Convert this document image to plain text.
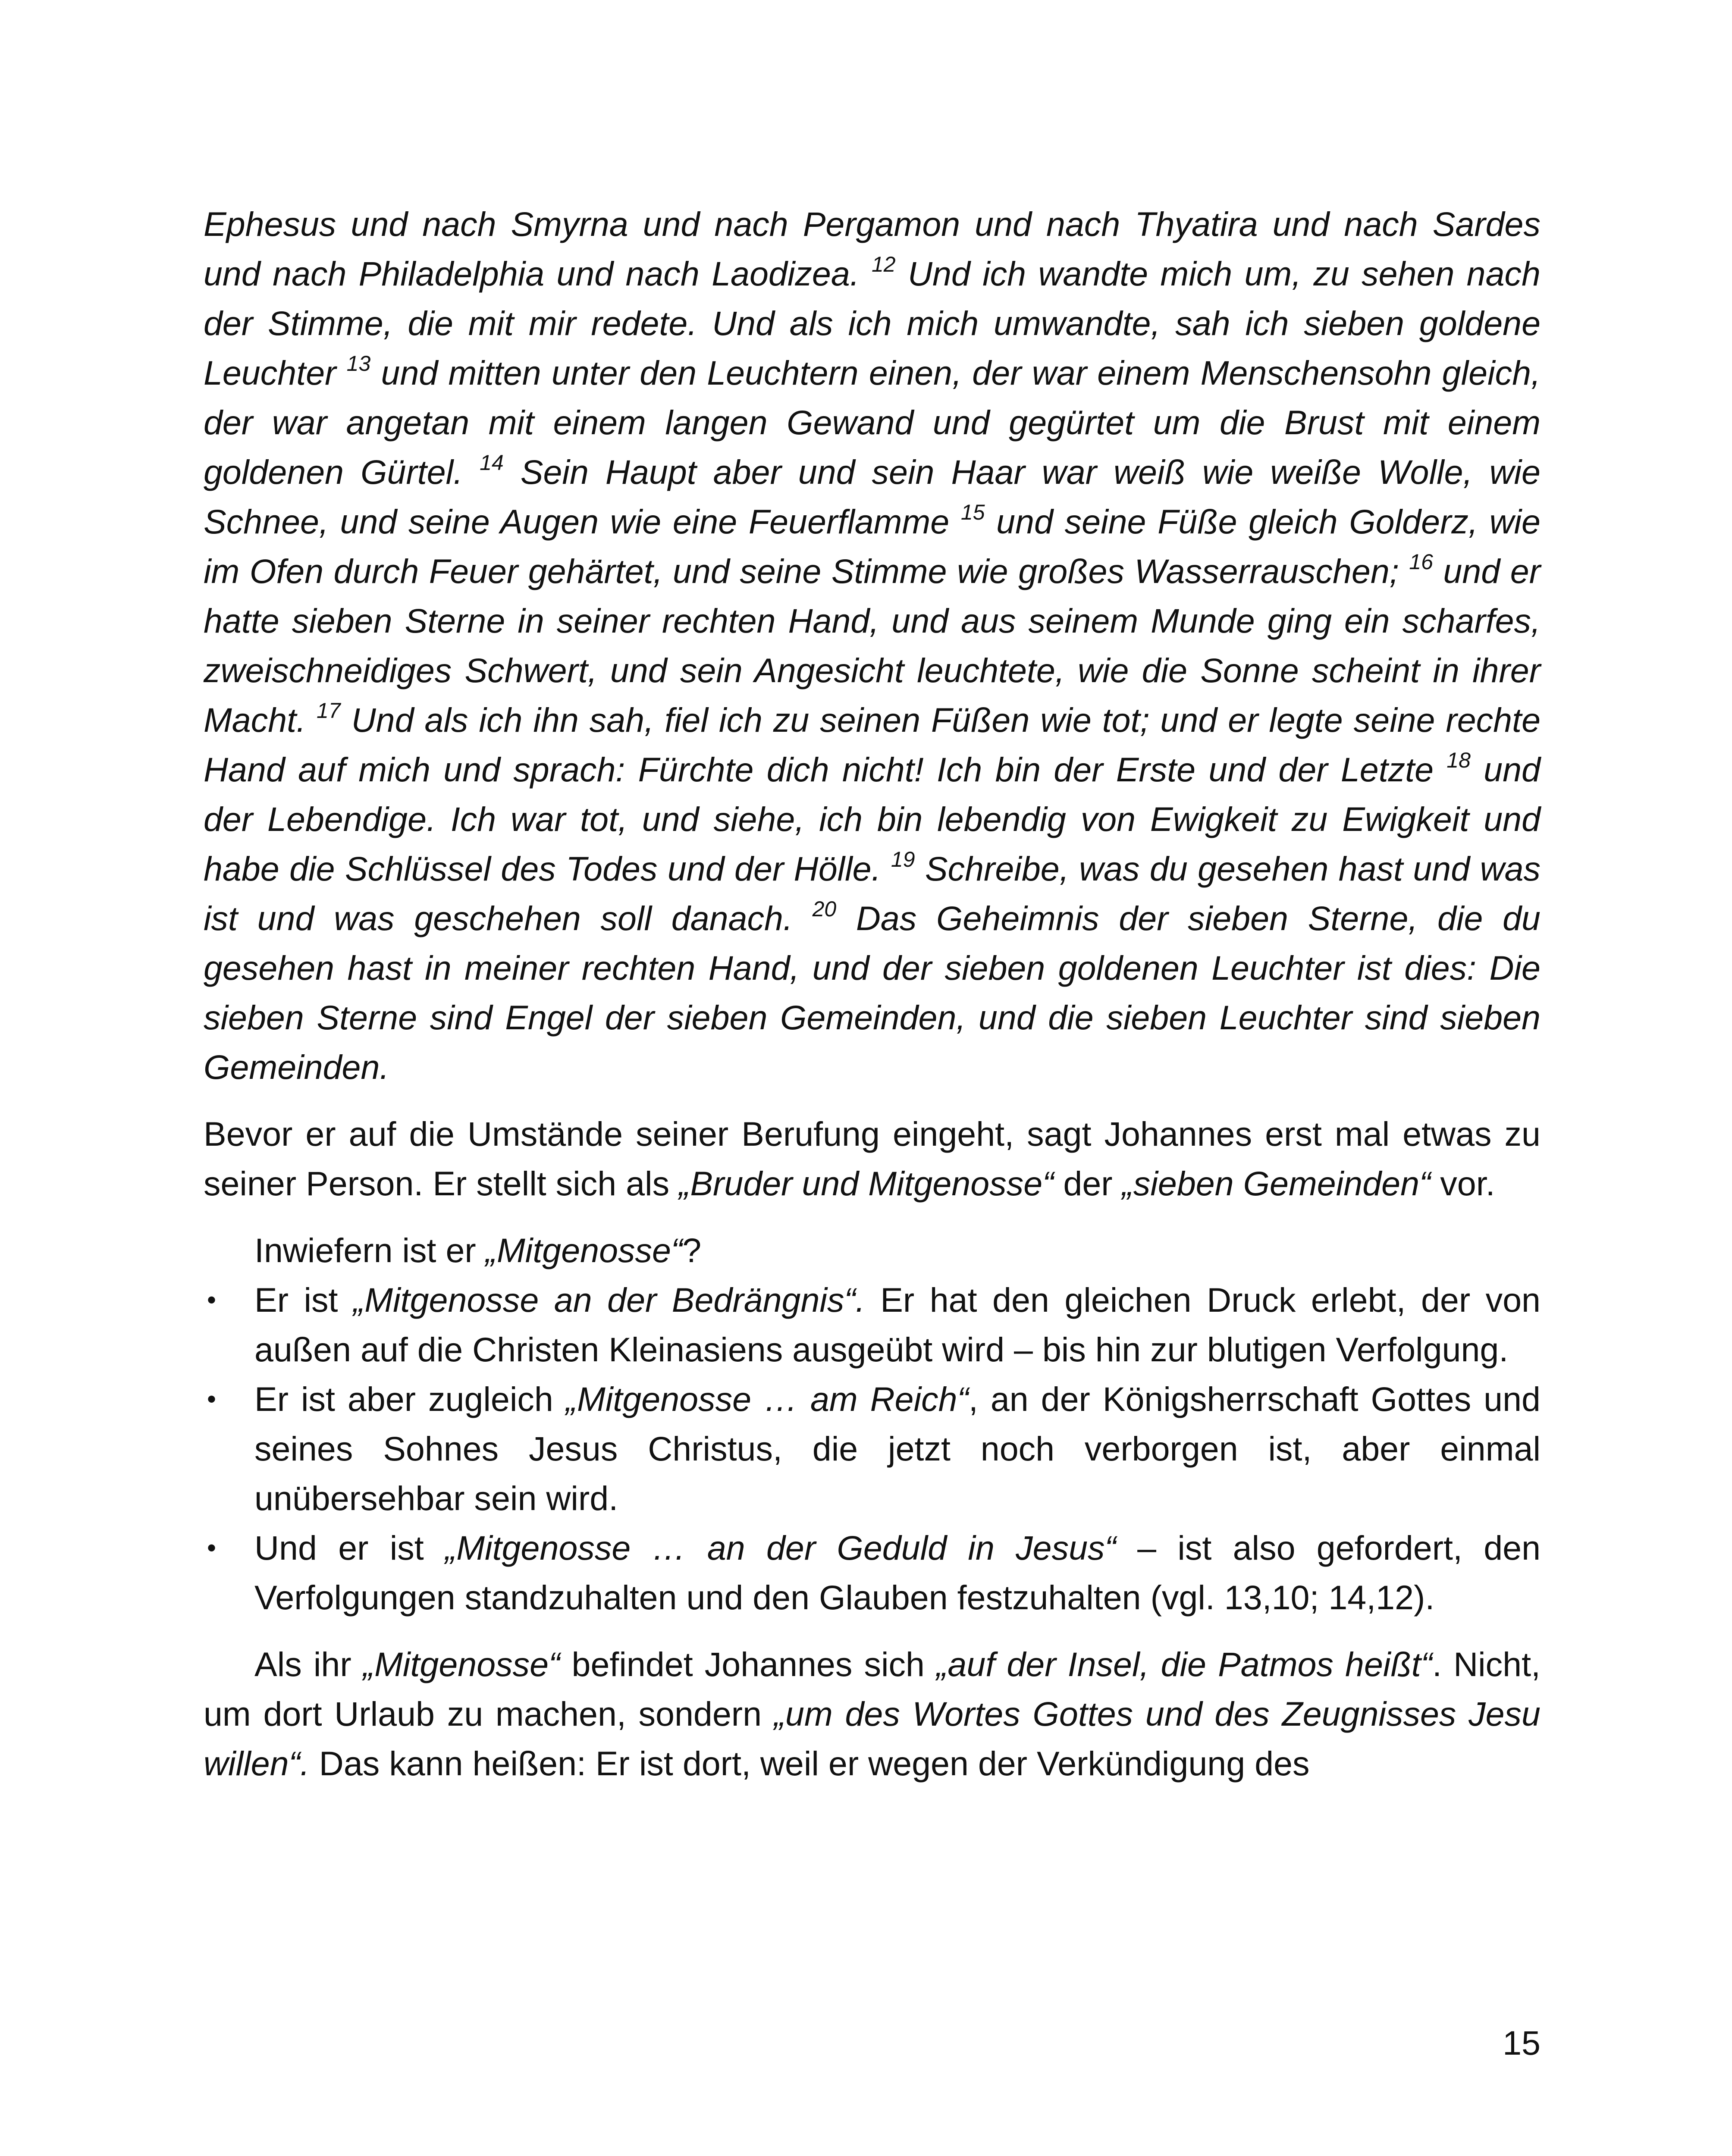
Ephesus und nach Smyrna und nach Pergamon und nach Thyatira und nach Sardes und nach Philadelphia und nach Laodizea. $^{12}$ Und ich wandte mich um, zu sehen nach der Stimme, die mit mir redete. Und als ich mich umwandte, sah ich sieben goldene Leuchter $^{13}$ und mitten unter den Leuchtern einen, der war einem Menschensohn gleich, der war angetan mit einem langen Gewand und gegürtet um die Brust mit einem goldenen Gürtel. $^{14}$ Sein Haupt aber und sein Haar war weiß wie weiße Wolle, wie Schnee, und seine Augen wie eine Feuerflamme $^{15}$ und seine Füße gleich Golderz, wie im Ofen durch Feuer gehärtet, und seine Stimme wie großes Wasserrauschen; $^{16}$ und er hatte sieben Sterne in seiner rechten Hand, und aus seinem Munde ging ein scharfes, zweischneidiges Schwert, und sein Angesicht leuchtete, wie die Sonne scheint in ihrer Macht. $^{17}$ Und als ich ihn sah, fiel ich zu seinen Füßen wie tot; und er legte seine rechte Hand auf mich und sprach: Fürchte dich nicht! Ich bin der Erste und der Letzte $^{18}$ und der Lebendige. Ich war tot, und siehe, ich bin lebendig von Ewigkeit zu Ewigkeit und habe die Schlüssel des Todes und der Hölle. $^{19}$ Schreibe, was du gesehen hast und was ist und was geschehen soll danach. $^{20}$ Das Geheimnis der sieben Sterne, die du gesehen hast in meiner rechten Hand, und der sieben goldenen Leuchter ist dies: Die sieben Sterne sind Engel der sieben Gemeinden, und die sieben Leuchter sind sieben Gemeinden.

Bevor er auf die Umstände seiner Berufung eingeht, sagt Johannes erst mal etwas zu seiner Person. Er stellt sich als „Bruder und Mitgenosse“ der „sieben Gemeinden“ vor.

Inwiefern ist er „Mitgenosse“?

• Er ist „Mitgenosse an der Bedrängnis“. Er hat den gleichen Druck erlebt, der von außen auf die Christen Kleinasiens ausgeübt wird – bis hin zur blutigen Verfolgung.
• Er ist aber zugleich „Mitgenosse … am Reich“, an der Königsherrschaft Gottes und seines Sohnes Jesus Christus, die jetzt noch verborgen ist, aber einmal unübersehbar sein wird.
• Und er ist „Mitgenosse … an der Geduld in Jesus“ – ist also gefordert, den Verfolgungen standzuhalten und den Glauben festzuhalten (vgl. 13,10; 14,12).

Als ihr „Mitgenosse“ befindet Johannes sich „auf der Insel, die Patmos heißt“. Nicht, um dort Urlaub zu machen, sondern „um des Wortes Gottes und des Zeugnisses Jesu willen“. Das kann heißen: Er ist dort, weil er wegen der Verkündigung des

15
